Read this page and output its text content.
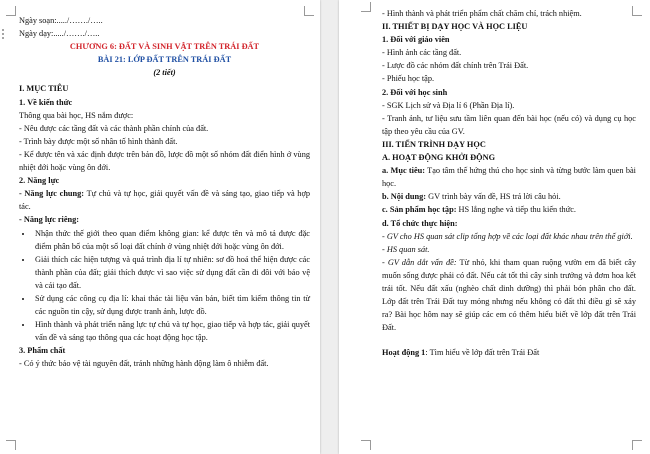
Ngày soạn:...../……./…..
Ngày dạy:...../……./…..
CHƯƠNG 6: ĐẤT VÀ SINH VẬT TRÊN TRÁI ĐẤT
BÀI 21: LỚP ĐẤT TRÊN TRÁI ĐẤT
(2 tiết)
I. MỤC TIÊU
1. Về kiến thức
Thông qua bài học, HS nắm được:
- Nêu được các tầng đất và các thành phần chính của đất.
- Trình bày được một số nhân tố hình thành đất.
- Kể được tên và xác định được trên bản đồ, lược đồ một số nhóm đất điển hình ở vùng nhiệt đới hoặc vùng ôn đới.
2. Năng lực
- Năng lực chung: Tự chủ và tự học, giải quyết vấn đề và sáng tạo, giao tiếp và hợp tác.
- Năng lực riêng:
• Nhận thức thế giới theo quan điểm không gian: kể được tên và mô tả được đặc điểm phân bố của một số loại đất chính ở vùng nhiệt đới hoặc vùng ôn đới.
• Giải thích các hiện tượng và quá trình địa lí tự nhiên: sơ đồ hoá thể hiện được các thành phần của đất; giải thích được vì sao việc sử dụng đất cần đi đôi với bảo vệ và cải tạo đất.
• Sử dụng các công cụ địa lí: khai thác tài liệu văn bản, biết tìm kiếm thông tin từ các nguồn tin cậy, sử dụng được tranh ảnh, lược đồ.
• Hình thành và phát triển năng lực tự chủ và tự học, giao tiếp và hợp tác, giải quyết vấn đề và sáng tạo thông qua các hoạt động học tập.
3. Phẩm chất
- Có ý thức bảo vệ tài nguyên đất, tránh những hành động làm ô nhiễm đất.
- Hình thành và phát triển phẩm chất chăm chỉ, trách nhiệm.
II. THIẾT BỊ DẠY HỌC VÀ HỌC LIỆU
1. Đối với giáo viên
- Hình ảnh các tầng đất.
- Lược đồ các nhóm đất chính trên Trái Đất.
- Phiếu học tập.
2. Đối với học sinh
- SGK Lịch sử và Địa lí 6 (Phần Địa lí).
- Tranh ảnh, tư liệu sưu tầm liên quan đến bài học (nếu có) và dụng cụ học tập theo yêu cầu của GV.
III. TIẾN TRÌNH DẠY HỌC
A. HOẠT ĐỘNG KHỞI ĐỘNG
a. Mục tiêu: Tạo tâm thế hứng thú cho học sinh và từng bước làm quen bài học.
b. Nội dung: GV trình bày vấn đề, HS trả lời câu hỏi.
c. Sản phẩm học tập: HS lắng nghe và tiếp thu kiến thức.
d. Tổ chức thực hiện:
- GV cho HS quan sát clip tổng hợp về các loại đất khác nhau trên thế giới.
- HS quan sát.
- GV dẫn dắt vấn đề: Từ nhỏ, khi tham quan ruộng vườn em đã biết cây muốn sống được phải có đất. Nếu cát tốt thì cây sinh trưởng và đơm hoa kết trái tốt. Nếu đất xấu (nghèo chất dinh dưỡng) thì phải bón phân cho đất. Lớp đất trên Trái Đất tuy mỏng nhưng nếu không có đất thì điều gì sẽ xảy ra? Bài học hôm nay sẽ giúp các em có thêm hiểu biết về lớp đất trên Trái Đất.
Hoạt động 1: Tìm hiểu về lớp đất trên Trái Đất
